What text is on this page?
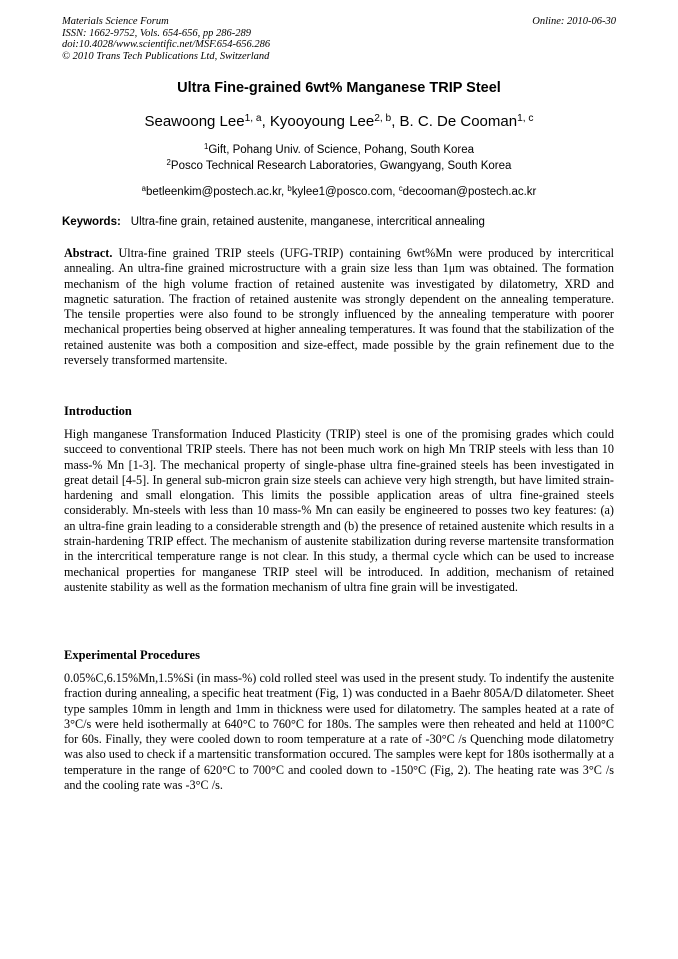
Materials Science Forum
ISSN: 1662-9752, Vols. 654-656, pp 286-289
doi:10.4028/www.scientific.net/MSF.654-656.286
© 2010 Trans Tech Publications Ltd, Switzerland
Online: 2010-06-30
Ultra Fine-grained 6wt% Manganese TRIP Steel
Seawoong Lee$^{1, a}$, Kyooyoung Lee$^{2, b}$, B. C. De Cooman$^{1, c}$
$^1$Gift, Pohang Univ. of Science, Pohang, South Korea
$^2$Posco Technical Research Laboratories, Gwangyang, South Korea
$^a$betleenkim@postech.ac.kr, $^b$kylee1@posco.com, $^c$decooman@postech.ac.kr
Keywords: Ultra-fine grain, retained austenite, manganese, intercritical annealing

Abstract. Ultra-fine grained TRIP steels (UFG-TRIP) containing 6wt%Mn were produced by intercritical annealing. An ultra-fine grained microstructure with a grain size less than 1μm was obtained. The formation mechanism of the high volume fraction of retained austenite was investigated by dilatometry, XRD and magnetic saturation. The fraction of retained austenite was strongly dependent on the annealing temperature. The tensile properties were also found to be strongly influenced by the annealing temperature with poorer mechanical properties being observed at higher annealing temperatures. It was found that the stabilization of the retained austenite was both a composition and size-effect, made possible by the grain refinement due to the reversely transformed martensite.

Introduction

High manganese Transformation Induced Plasticity (TRIP) steel is one of the promising grades which could succeed to conventional TRIP steels. There has not been much work on high Mn TRIP steels with less than 10 mass-% Mn [1-3]. The mechanical property of single-phase ultra fine-grained steels has been investigated in great detail [4-5]. In general sub-micron grain size steels can achieve very high strength, but have limited strain-hardening and small elongation. This limits the possible application areas of ultra fine-grained steels considerably. Mn-steels with less than 10 mass-% Mn can easily be engineered to posses two key features: (a) an ultra-fine grain leading to a considerable strength and (b) the presence of retained austenite which results in a strain-hardening TRIP effect. The mechanism of austenite stabilization during reverse martensite transformation in the intercritical temperature range is not clear. In this study, a thermal cycle which can be used to increase mechanical properties for manganese TRIP steel will be introduced. In addition, mechanism of retained austenite stability as well as the formation mechanism of ultra fine grain will be investigated.

Experimental Procedures

0.05%C,6.15%Mn,1.5%Si (in mass-%) cold rolled steel was used in the present study. To indentify the austenite fraction during annealing, a specific heat treatment (Fig, 1) was conducted in a Baehr 805A/D dilatometer. Sheet type samples 10mm in length and 1mm in thickness were used for dilatometry. The samples heated at a rate of 3°C/s were held isothermally at 640°C to 760°C for 180s. The samples were then reheated and held at 1100°C for 60s. Finally, they were cooled down to room temperature at a rate of -30°C /s Quenching mode dilatometry was also used to check if a martensitic transformation occured. The samples were kept for 180s isothermally at a temperature in the range of 620°C to 700°C and cooled down to -150°C (Fig, 2). The heating rate was 3°C /s and the cooling rate was -3°C /s.
